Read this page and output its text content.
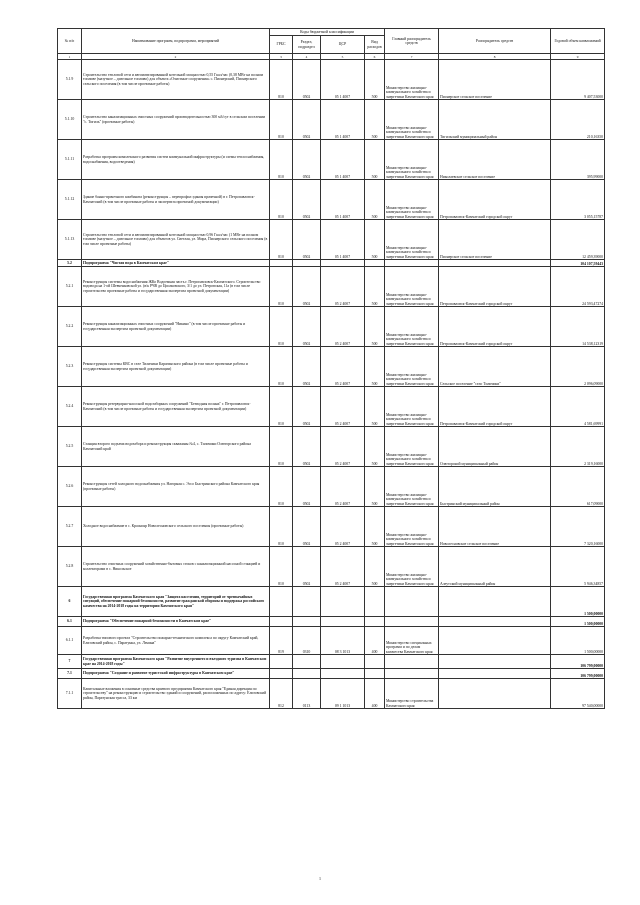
№ п/п	Наименование программ, подпрограмм, мероприятий	Коды бюджетной классификации				Главный распорядитель средств	Распорядитель средств	Годовой объем капвложений
		ГРБС	Раздел, подраздел	ЦСР	Вид расходов			
1	2	3	4	5	6	7	8	9
5.1.9	Строительство тепловой сети и автоматизированной котельной мощностью 0,55 Гкал/час (0,38 МВт на полном топливе (мазутное – дизельное топливо) для объекта «Очистные сооружения» с. Пионерский, Пионерского сельского поселения (в том числе проектные работы)	810	0502	05 1 4007	500	Министерство жилищно-коммунального хозяйства и энергетики Камчатского края	Пионерское сельское поселение	9 407,53000
5.1.10	Строительство канализационных очистных сооружений производительностью 300 м3/сут в сельском поселении "с. Тигиль" (проектные работы)	810	0502	05 1 4007	500	Министерство жилищно-коммунального хозяйства и энергетики Камчатского края	Тигильский муниципальный район	210,16350
5.1.11	Разработка программ комплексного развития систем коммунальной инфраструктуры (и схемы теплоснабжения, водоснабжения, водоотведения)	810	0502	05 1 4007	500	Министерство жилищно-коммунального хозяйства и энергетики Камчатского края	Николаевское сельское поселение	395,99000
5.1.12	Здание банно-прачечного комбината (реконструкция – перепрофил здания прачечной) в г. Петропавловск-Камчатский (в том числе проектные работы и экспертиза проектной документации)	810	0502	05 1 4007	500	Министерство жилищно-коммунального хозяйства и энергетики Камчатского края	Петропавловск-Камчатский городской округ	3 055,15787
5.1.13	Строительство тепловой сети и автоматизированной котельной мощностью 0,96 Гкал/час (1 МВт на полном топливе (мазутное – дизельное топливо) для объектов ул. Светлая, ул. Мира, Пионерского сельского поселения (в том числе проектные работы)	810	0502	05 1 4007	500	Министерство жилищно-коммунального хозяйства и энергетики Камчатского края	Пионерское сельское поселение	12 459,39000
5.2	Подпрограмма "Чистая вода в Камчатском крае"							104 107,59443
5.2.1	Реконструкция системы водоснабжения ЖКо Водоемная часть г. Петропавловск-Камчатского. Строительство водовода на 1-ой Шевченковской ул. (в/к РЧВ до Циолковского, 3/1 до ул. Петровская, 11а (в том числе строительство проектные работы и государственная экспертиза проектной документации)	810	0502	05 2 4007	500	Министерство жилищно-коммунального хозяйства и энергетики Камчатского края	Петропавловск-Камчатский городской округ	24 593,47274
5.2.2	Реконструкция канализационных очистных сооружений "Никино" (в том числе проектные работы и государственная экспертиза проектной документации)	810	0502	05 2 4007	500	Министерство жилищно-коммунального хозяйства и энергетики Камчатского края	Петропавловск-Камчатский городской округ	14 538,12319
5.2.3	Реконструкция системы КВС в селе Тиличики Карагинского района (в том числе проектные работы и государственная экспертиза проектной документации)	810	0502	05 2 4007	500	Министерство жилищно-коммунального хозяйства и энергетики Камчатского края	Сельское поселение "село Тиличики"	2 096,09000
5.2.4	Реконструкция резервуарно-насосной водозаборных сооружений "Безводная поляна" г. Петропавловск-Камчатский (в том числе проектные работы и государственная экспертиза проектной документации)	810	0502	05 2 4007	500	Министерство жилищно-коммунального хозяйства и энергетики Камчатского края	Петропавловск-Камчатский городской округ	4 581,69991
5.2.5	Станция второго подъема водозабора и реконструкция скважины №4, с. Тиличики Олюторского района Камчатский край	810	0502	05 2 4007	500	Министерство жилищно-коммунального хозяйства и энергетики Камчатского края	Олюторский муниципальный район	2 319,16000
5.2.6	Реконструкция сетей холодного водоснабжения ул. Нагорная с. Эссо Быстринского района Камчатского края (проектные работы)	810	0502	05 2 4007	500	Министерство жилищно-коммунального хозяйства и энергетики Камчатского края	Быстринский муниципальный район	617,09000
5.2.7	Холодное водоснабжение в с. Краснояр Новолесновского сельского поселения (проектные работы)	810	0502	05 2 4007	500	Министерство жилищно-коммунального хозяйства и энергетики Камчатского края	Новолесновское сельское поселение	7 320,16000
5.2.8	Строительство очистных сооружений хозяйственно-бытовых стоков с канализационной насосной станцией и коллекторами в с. Никольское	810	0502	05 2 4007	500	Министерство жилищно-коммунального хозяйства и энергетики Камчатского края	Алеутский муниципальный район	5 946,34857
6	Государственная программа Камчатского края "Защита населения, территорий от чрезвычайных ситуаций, обеспечение пожарной безопасности, развитие гражданской обороны и поддержка российского казачества на 2014-2018 годы на территории Камчатского края"							1 500,00000
6.1	Подпрограмма "Обеспечение пожарной безопасности в Камчатском крае"							1 500,00000
6.1.1	Разработка типового проекта "Строительство пожарно-технического комплекса по округу Камчатский край, Елизовский район, с. Паратунка, ул. Ленина"	819	0310	08 3 1013	400	Министерство специальных программ и по делам казачества Камчатского края		1 500,00000
7	Государственная программа Камчатского края "Развитие внутреннего и въездного туризма в Камчатском крае на 2014-2018 годы"							106 799,00000
7.1	Подпрограмма "Создание и развитие туристской инфраструктуры в Камчатском крае"							106 799,00000
7.1.1	Капитальные вложения в основные средства краевого предприятия Камчатского края "Единая дирекция по строительству" на реконструкцию и строительство зданий и сооружений, расположенных по адресу: Елизовский район, Паратунская трасса, 33 км	812	0113	09 1 1013	400	Министерство строительства Камчатского края		97 540,00000
1
